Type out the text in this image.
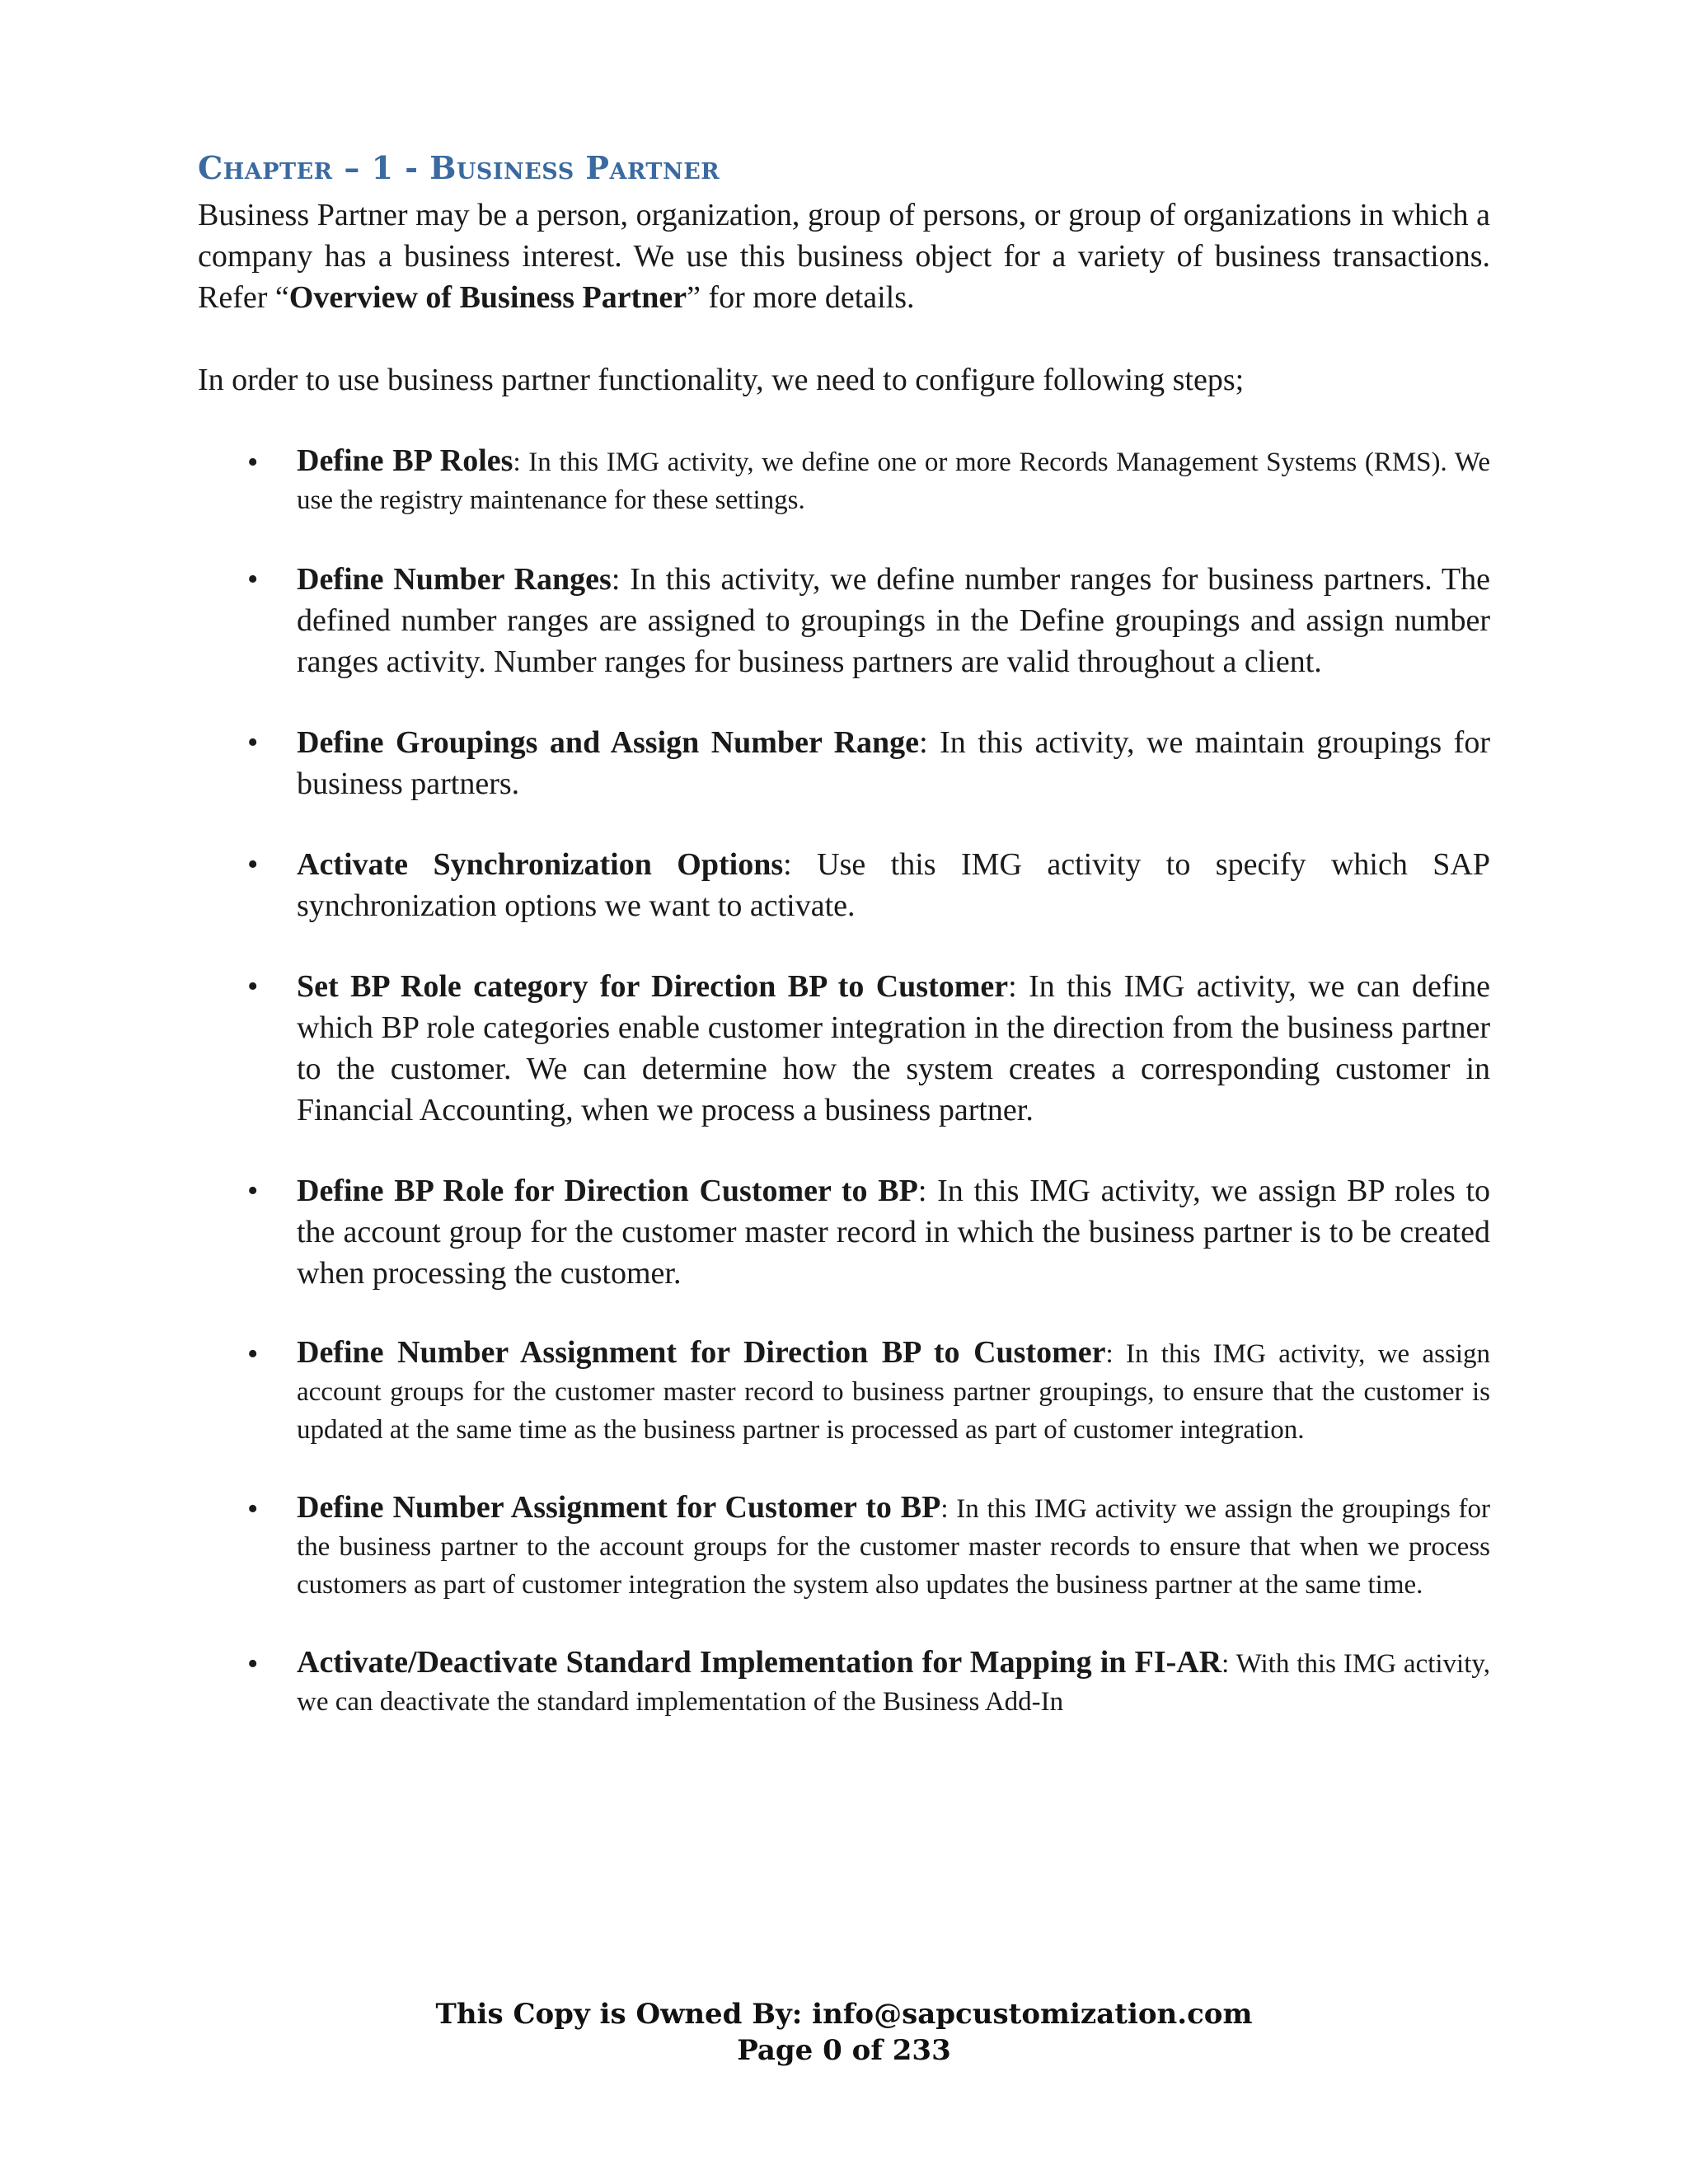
Chapter – 1 - Business Partner

Business Partner may be a person, organization, group of persons, or group of organizations in which a company has a business interest. We use this business object for a variety of business transactions. Refer “Overview of Business Partner” for more details.

In order to use business partner functionality, we need to configure following steps;

• Define BP Roles: In this IMG activity, we define one or more Records Management Systems (RMS). We use the registry maintenance for these settings.
• Define Number Ranges: In this activity, we define number ranges for business partners. The defined number ranges are assigned to groupings in the Define groupings and assign number ranges activity. Number ranges for business partners are valid throughout a client.
• Define Groupings and Assign Number Range: In this activity, we maintain groupings for business partners.
• Activate Synchronization Options: Use this IMG activity to specify which SAP synchronization options we want to activate.
• Set BP Role category for Direction BP to Customer: In this IMG activity, we can define which BP role categories enable customer integration in the direction from the business partner to the customer. We can determine how the system creates a corresponding customer in Financial Accounting, when we process a business partner.
• Define BP Role for Direction Customer to BP: In this IMG activity, we assign BP roles to the account group for the customer master record in which the business partner is to be created when processing the customer.
• Define Number Assignment for Direction BP to Customer: In this IMG activity, we assign account groups for the customer master record to business partner groupings, to ensure that the customer is updated at the same time as the business partner is processed as part of customer integration.
• Define Number Assignment for Customer to BP: In this IMG activity we assign the groupings for the business partner to the account groups for the customer master records to ensure that when we process customers as part of customer integration the system also updates the business partner at the same time.
• Activate/Deactivate Standard Implementation for Mapping in FI-AR: With this IMG activity, we can deactivate the standard implementation of the Business Add-In
This Copy is Owned By: info@sapcustomization.com
Page 0 of 233
